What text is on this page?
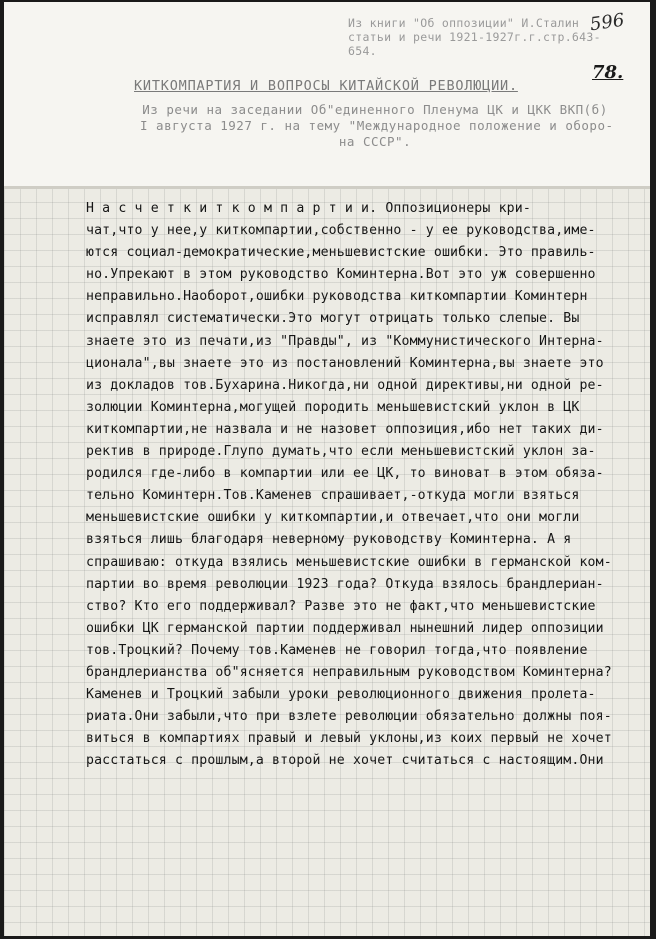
Из книги "Об оппозиции" И.Сталин
статьи и речи 1921-1927г.г.стр.643-
654.
596
78.
КИТКОМПАРТИЯ И ВОПРОСЫ КИТАЙСКОЙ РЕВОЛЮЦИИ.
Из речи на заседании Об"единенного Пленума ЦК и ЦКК ВКП(б)
I августа 1927 г. на тему "Международное положение и оборо-
на СССР".
Н а с ч е т к и т к о м п а р т и и. Оппозиционеры кри-
чат,что у нее,у киткомпартии,собственно - у ее руководства,име-
ются социал-демократические,меньшевистские ошибки. Это правиль-
но.Упрекают в этом руководство Коминтерна.Вот это уж совершенно
неправильно.Наоборот,ошибки руководства киткомпартии Коминтерн
исправлял систематически.Это могут отрицать только слепые. Вы
знаете это из печати,из "Правды", из "Коммунистического Интерна-
ционала",вы знаете это из постановлений Коминтерна,вы знаете это
из докладов тов.Бухарина.Никогда,ни одной директивы,ни одной ре-
золюции Коминтерна,могущей породить меньшевистский уклон в ЦК
киткомпартии,не назвала и не назовет оппозиция,ибо нет таких ди-
ректив в природе.Глупо думать,что если меньшевистский уклон за-
родился где-либо в компартии или ее ЦК, то виноват в этом обяза-
тельно Коминтерн.Тов.Каменев спрашивает,-откуда могли взяться
меньшевистские ошибки у киткомпартии,и отвечает,что они могли
взяться лишь благодаря неверному руководству Коминтерна. А я
спрашиваю: откуда взялись меньшевистские ошибки в германской ком-
партии во время революции 1923 года? Откуда взялось брандлериан-
ство? Кто его поддерживал? Разве это не факт,что меньшевистские
ошибки ЦК германской партии поддерживал нынешний лидер оппозиции
тов.Троцкий? Почему тов.Каменев не говорил тогда,что появление
брандлерианства об"ясняется неправильным руководством Коминтерна?
Каменев и Троцкий забыли уроки революционного движения пролета-
риата.Они забыли,что при взлете революции обязательно должны поя-
виться в компартиях правый и левый уклоны,из коих первый не хочет
расстаться с прошлым,а второй не хочет считаться с настоящим.Они
